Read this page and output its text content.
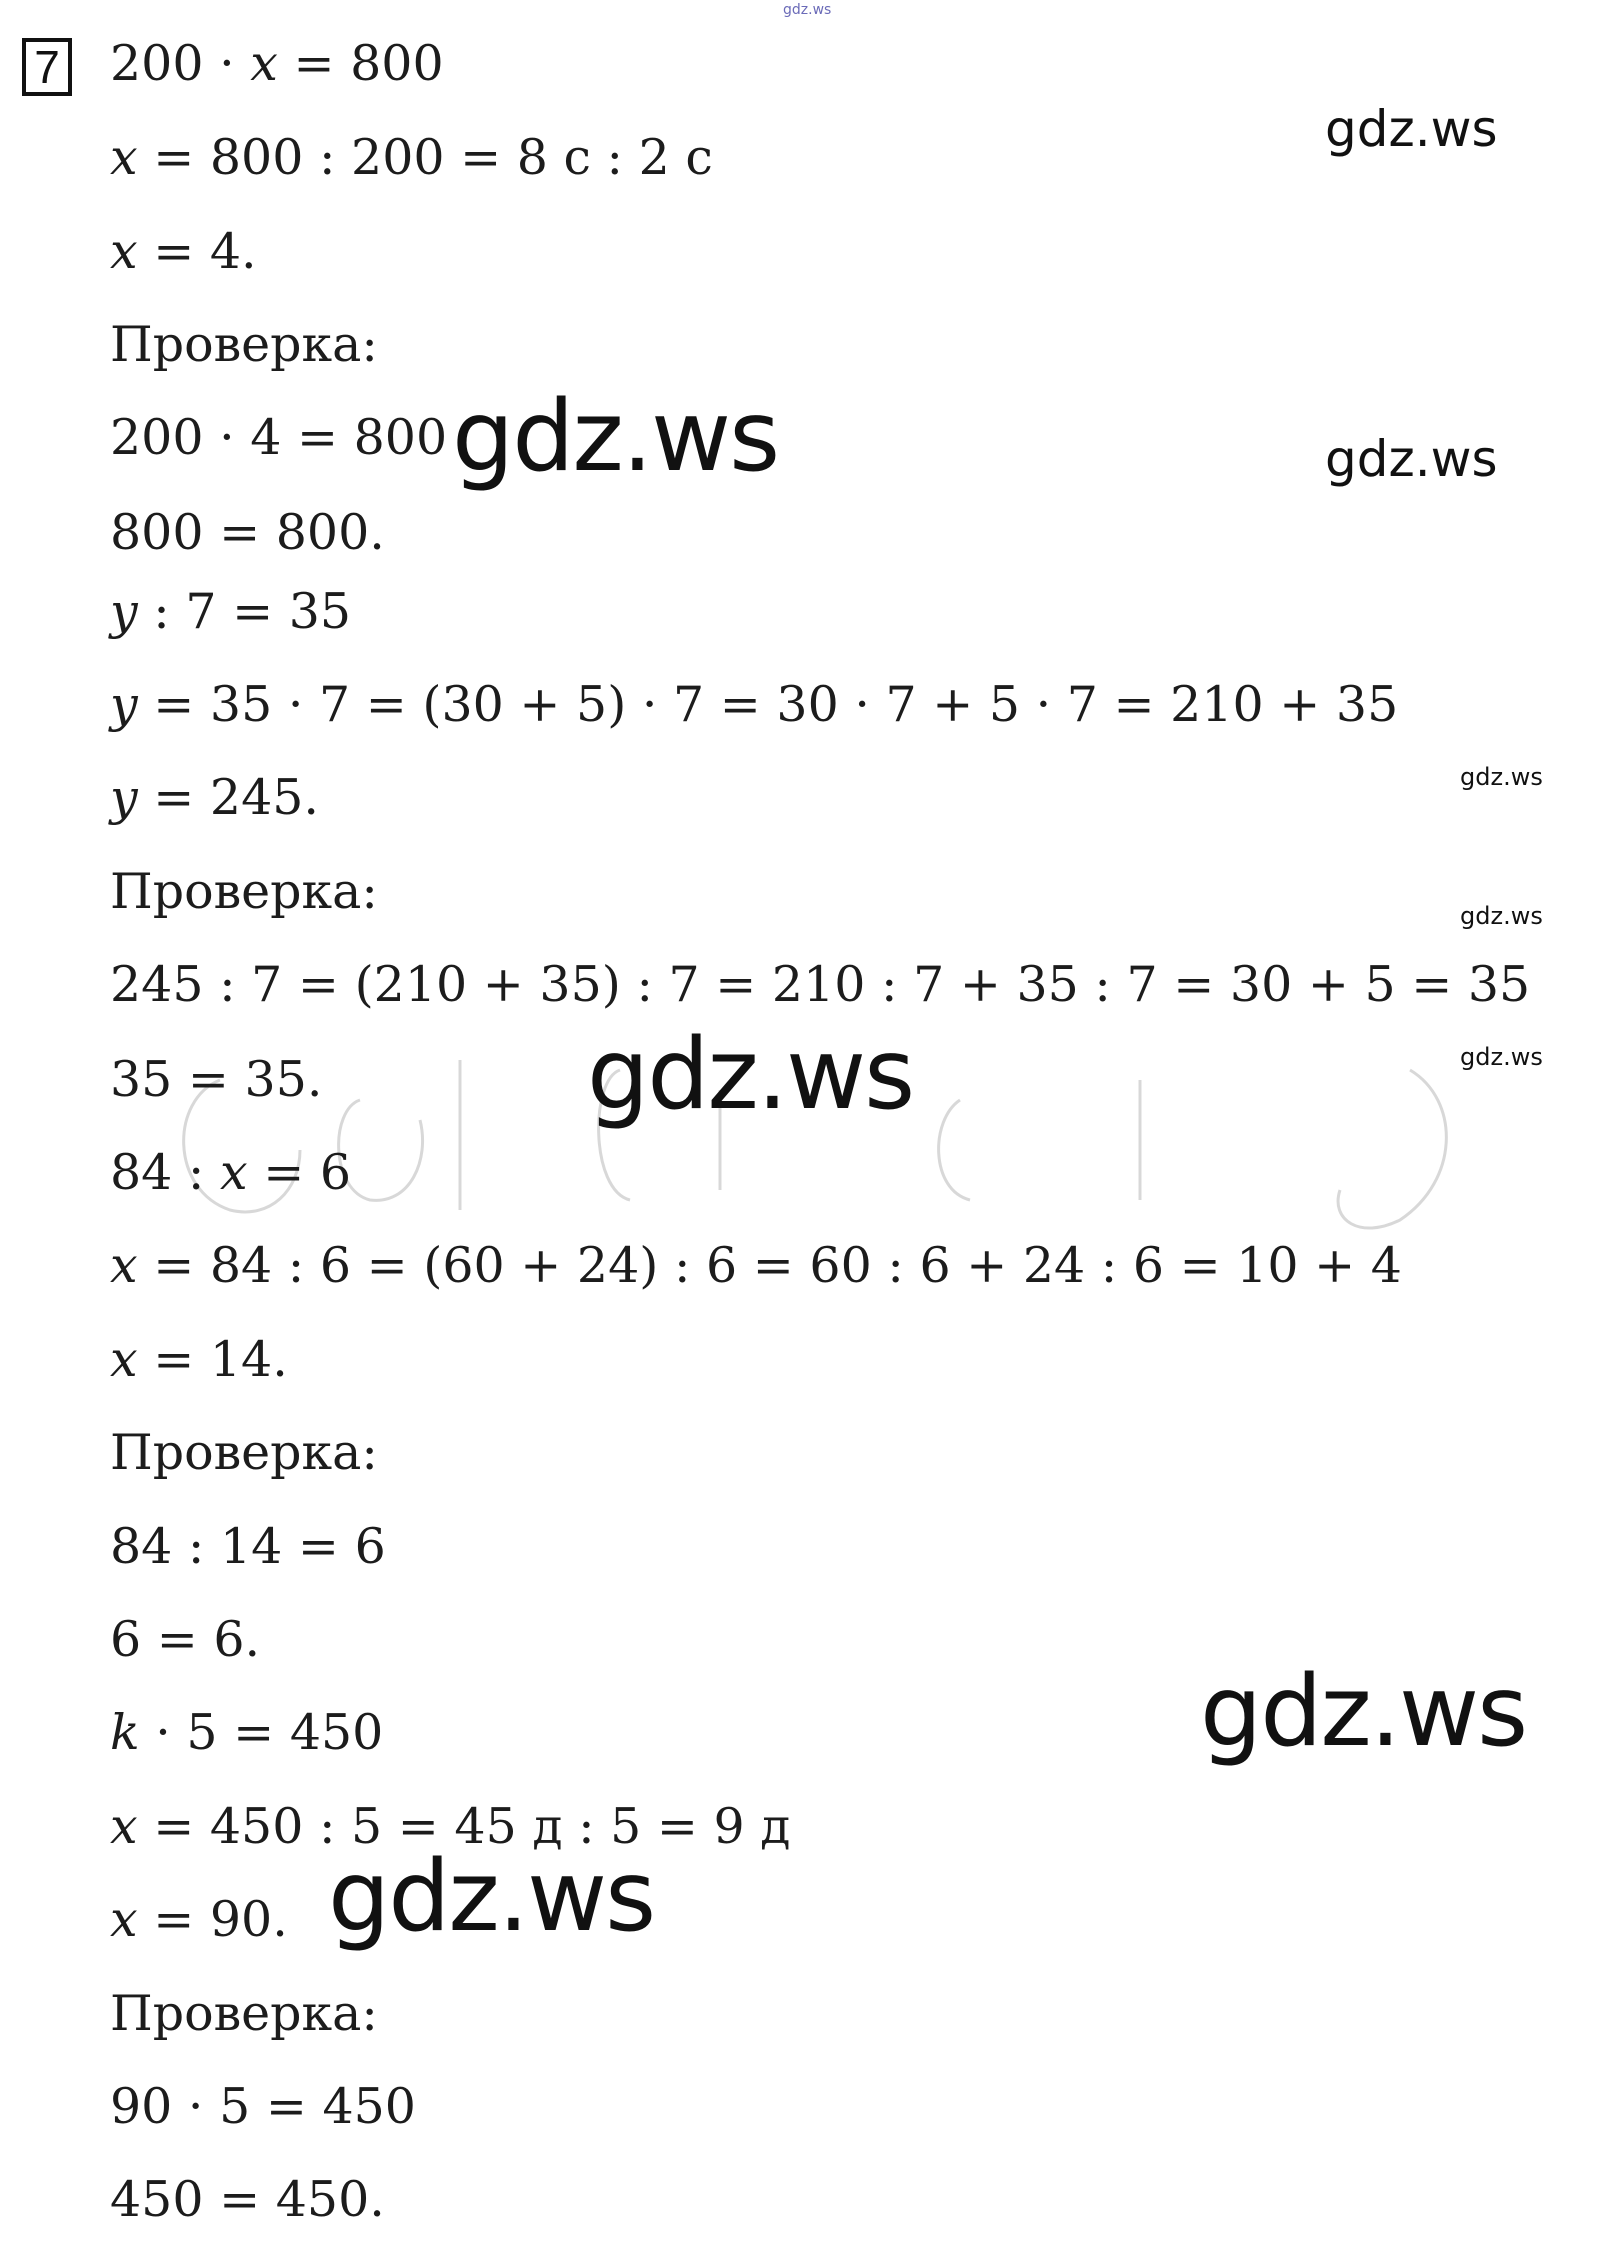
7 200 · x = 800
x = 800 : 200 = 8 с : 2 с
x = 4.
Проверка:
200 · 4 = 800
800 = 800.
y : 7 = 35
y = 35 · 7 = (30 + 5) · 7 = 30 · 7 + 5 · 7 = 210 + 35
y = 245.
Проверка:
245 : 7 = (210 + 35) : 7 = 210 : 7 + 35 : 7 = 30 + 5 = 35
35 = 35.
84 : x = 6
x = 84 : 6 = (60 + 24) : 6 = 60 : 6 + 24 : 6 = 10 + 4
x = 14.
Проверка:
84 : 14 = 6
6 = 6.
k · 5 = 450
x = 450 : 5 = 45 д : 5 = 9 д
x = 90.
Проверка:
90 · 5 = 450
450 = 450.
gdz.ws
gdz.ws
gdz.ws	gdz.ws
gdz.ws
gdz.ws
gdz.ws	gdz.ws
gdz.ws
gdz.ws
